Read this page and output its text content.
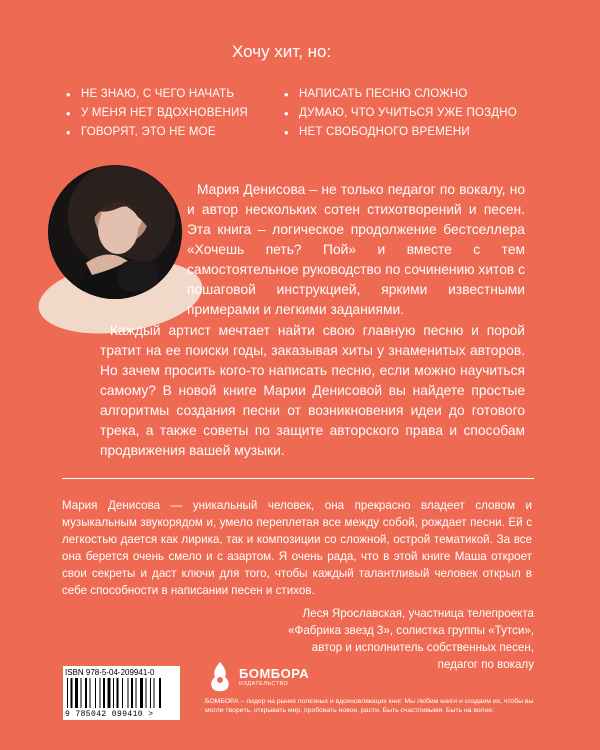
Хочу хит, но:
• НЕ ЗНАЮ, С ЧЕГО НАЧАТЬ
• У МЕНЯ НЕТ ВДОХНОВЕНИЯ
• ГОВОРЯТ, ЭТО НЕ МОЕ
• НАПИСАТЬ ПЕСНЮ СЛОЖНО
• ДУМАЮ, ЧТО УЧИТЬСЯ УЖЕ ПОЗДНО
• НЕТ СВОБОДНОГО ВРЕМЕНИ
Мария Денисова – не только педагог по вокалу, но и автор нескольких сотен стихотворений и песен. Эта книга – логическое продолжение бестселлера «Хочешь петь? Пой» и вместе с тем самостоятельное руководство по сочинению хитов с пошаговой инструкцией, яркими известными примерами и легкими заданиями.
Каждый артист мечтает найти свою главную песню и порой тратит на ее поиски годы, заказывая хиты у знаменитых авторов. Но зачем просить кого-то написать песню, если можно научиться самому? В новой книге Марии Денисовой вы найдете простые алгоритмы создания песни от возникновения идеи до готового трека, а также советы по защите авторского права и способам продвижения вашей музыки.
Мария Денисова — уникальный человек, она прекрасно владеет словом и музыкальным звукорядом и, умело переплетая все между собой, рождает песни. Ей с легкостью дается как лирика, так и композиции со сложной, острой тематикой. За все она берется очень смело и с азартом. Я очень рада, что в этой книге Маша откроет свои секреты и даст ключи для того, чтобы каждый талантливый человек открыл в себе способности в написании песен и стихов.
Леся Ярославская, участница телепроекта
«Фабрика звезд 3», солистка группы «Тутси»,
автор и исполнитель собственных песен,
педагог по вокалу
ISBN 978-5-04-209941-0
9 785042 099410 >
БОМБОРА
ИЗДАТЕЛЬСТВО
БОМБОРА – лидер на рынке полезных и вдохновляющих книг. Мы любим книги и создаем их, чтобы вы могли творить, открывать мир, пробовать новое, расти. Быть счастливыми. Быть на волне.
